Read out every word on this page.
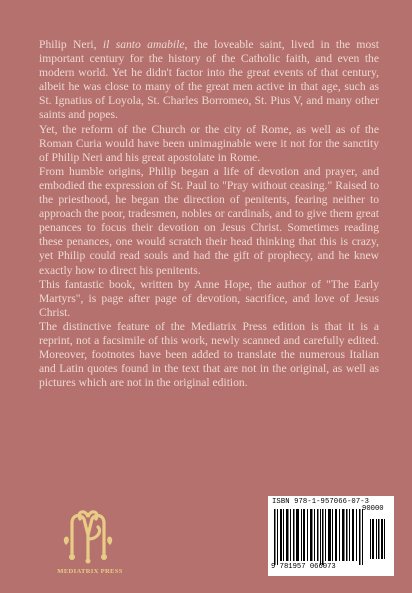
Philip Neri, il santo amabile, the loveable saint, lived in the most important century for the history of the Catholic faith, and even the modern world. Yet he didn't factor into the great events of that century, albeit he was close to many of the great men active in that age, such as St. Ignatius of Loyola, St. Charles Borromeo, St. Pius V, and many other saints and popes.

Yet, the reform of the Church or the city of Rome, as well as of the Roman Curia would have been unimaginable were it not for the sanctity of Philip Neri and his great apostolate in Rome.

From humble origins, Philip began a life of devotion and prayer, and embodied the expression of St. Paul to "Pray without ceasing." Raised to the priesthood, he began the direction of penitents, fearing neither to approach the poor, tradesmen, nobles or cardinals, and to give them great penances to focus their devotion on Jesus Christ. Sometimes reading these penances, one would scratch their head thinking that this is crazy, yet Philip could read souls and had the gift of prophecy, and he knew exactly how to direct his penitents.

This fantastic book, written by Anne Hope, the author of "The Early Martyrs", is page after page of devotion, sacrifice, and love of Jesus Christ.

The distinctive feature of the Mediatrix Press edition is that it is a reprint, not a facsimile of this work, newly scanned and carefully edited. Moreover, footnotes have been added to translate the numerous Italian and Latin quotes found in the text that are not in the original, as well as pictures which are not in the original edition.

MEDIATRIX PRESS
ISBN 978-1-957066-07-3
90000
9 781957 066073
